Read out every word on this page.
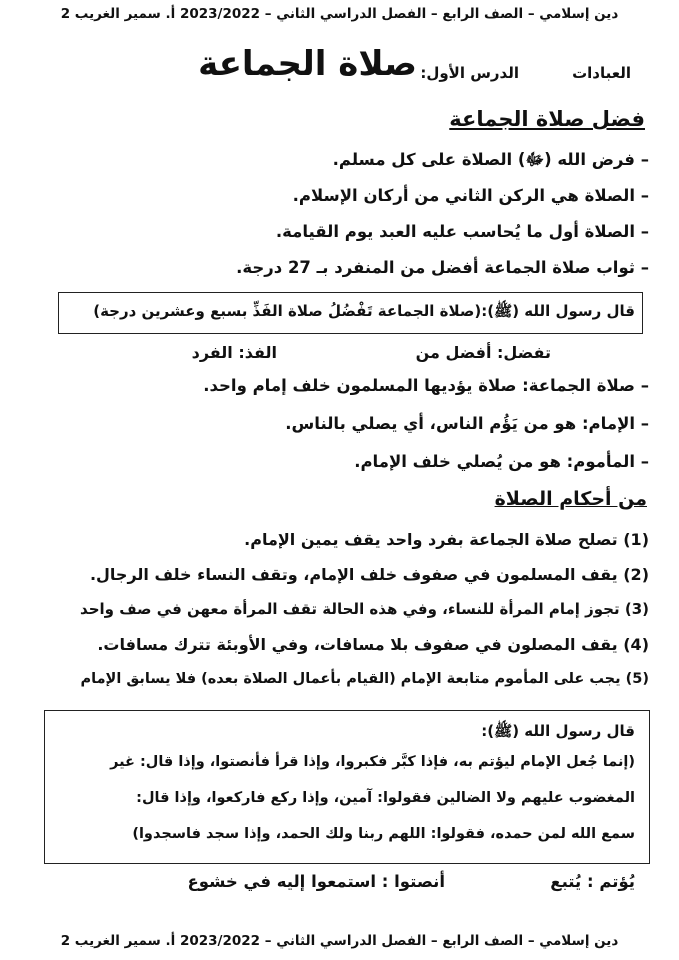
دين إسلامي – الصف الرابع – الفصل الدراسي الثاني – 2023/2022 أ. سمير الغريب 2
العبادات
الدرس الأول:
صلاة الجماعة
فضل صلاة الجماعة
– فرض الله (ﷻ) الصلاة على كل مسلم.
– الصلاة هي الركن الثاني من أركان الإسلام.
– الصلاة أول ما يُحاسب عليه العبد يوم القيامة.
– ثواب صلاة الجماعة أفضل من المنفرد بـ 27 درجة.
قال رسول الله (ﷺ):(صلاة الجماعة تَفْضُلُ صلاة الفَذِّ بسبع وعشرين درجة)
تفضل: أفضل من
الفذ: الفرد
– صلاة الجماعة: صلاة يؤديها المسلمون خلف إمام واحد.
– الإمام: هو من يَؤُم الناس، أي يصلي بالناس.
– المأموم: هو من يُصلي خلف الإمام.
من أحكام الصلاة
(1) تصلح صلاة الجماعة بفرد واحد يقف يمين الإمام.
(2) يقف المسلمون في صفوف خلف الإمام، وتقف النساء خلف الرجال.
(3) تجوز إمام المرأة للنساء، وفي هذه الحالة تقف المرأة معهن في صف واحد
(4) يقف المصلون في صفوف بلا مسافات، وفي الأوبئة تترك مسافات.
(5) يجب على المأموم متابعة الإمام (القيام بأعمال الصلاة بعده) فلا يسابق الإمام
قال رسول الله (ﷺ):
(إنما جُعل الإمام ليؤتم به، فإذا كبَّر فكبروا، وإذا قرأ فأنصتوا، وإذا قال: غير
المغضوب عليهم ولا الضالين فقولوا: آمين، وإذا ركع فاركعوا، وإذا قال:
سمع الله لمن حمده، فقولوا: اللهم ربنا ولك الحمد، وإذا سجد فاسجدوا)
يُؤتم : يُتبع
أنصتوا : استمعوا إليه في خشوع
دين إسلامي – الصف الرابع – الفصل الدراسي الثاني – 2023/2022 أ. سمير الغريب 2
